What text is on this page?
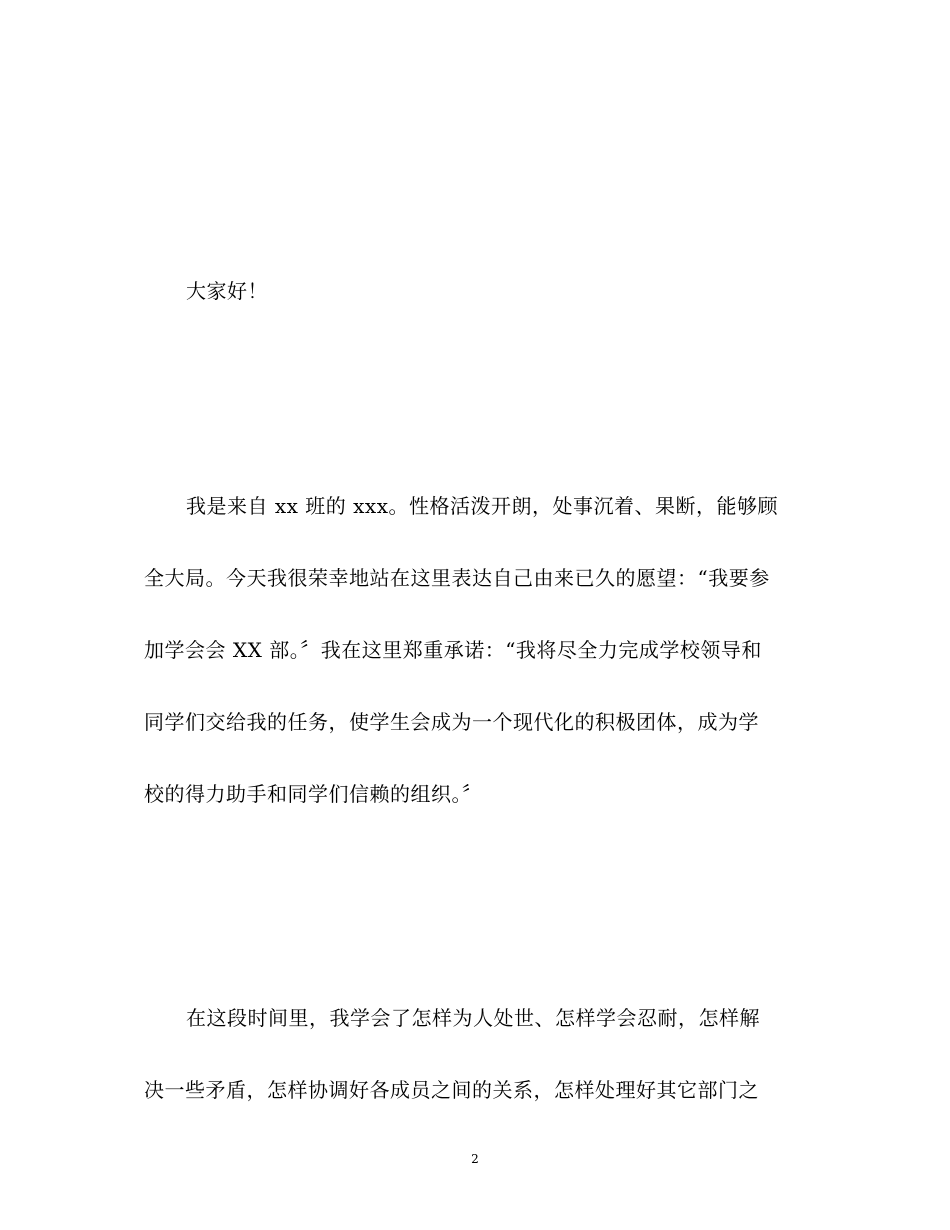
大家好！
我是来自 xx 班的 xxx。性格活泼开朗，处事沉着、果断，能够顾
全大局。今天我很荣幸地站在这里表达自己由来已久的愿望：“我要参
加学会会 XX 部。〞我在这里郑重承诺：“我将尽全力完成学校领导和
同学们交给我的任务，使学生会成为一个现代化的积极团体，成为学
校的得力助手和同学们信赖的组织。〞
在这段时间里，我学会了怎样为人处世、怎样学会忍耐，怎样解
决一些矛盾，怎样协调好各成员之间的关系，怎样处理好其它部门之
2
